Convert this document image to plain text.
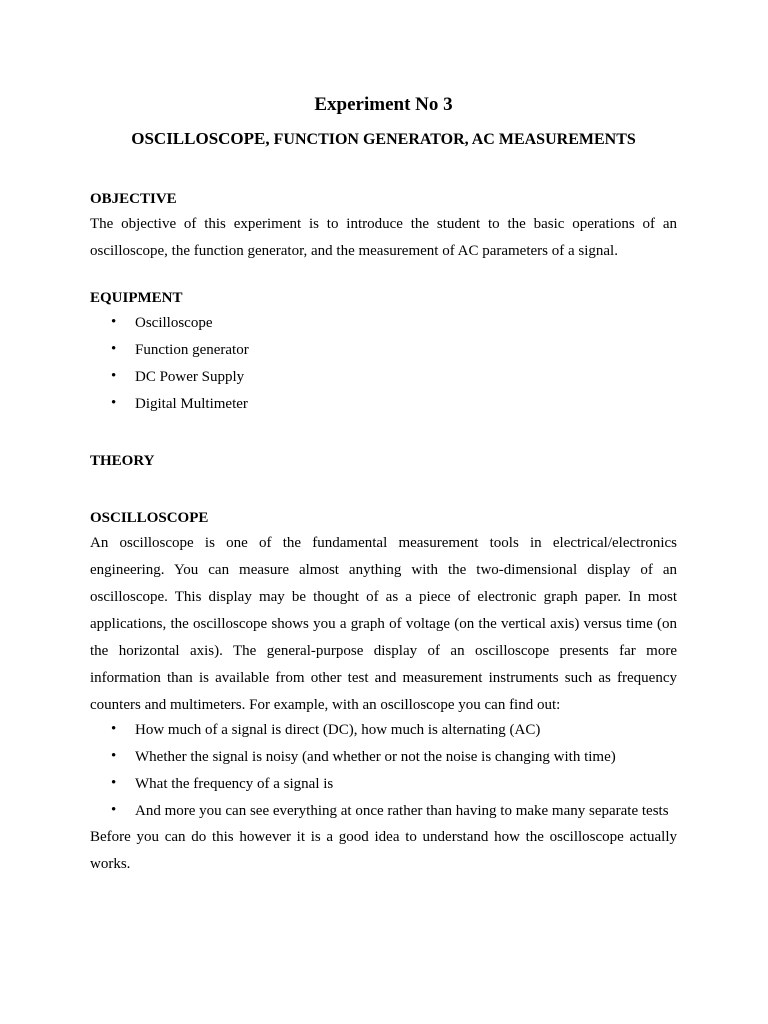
Experiment No 3
OSCILLOSCOPE, FUNCTION GENERATOR, AC MEASUREMENTS
OBJECTIVE

The objective of this experiment is to introduce the student to the basic operations of an oscilloscope, the function generator, and the measurement of AC parameters of a signal.

EQUIPMENT
• Oscilloscope
• Function generator
• DC Power Supply
• Digital Multimeter
THEORY
OSCILLOSCOPE

An oscilloscope is one of the fundamental measurement tools in electrical/electronics engineering. You can measure almost anything with the two-dimensional display of an oscilloscope. This display may be thought of as a piece of electronic graph paper. In most applications, the oscilloscope shows you a graph of voltage (on the vertical axis) versus time (on the horizontal axis). The general-purpose display of an oscilloscope presents far more information than is available from other test and measurement instruments such as frequency counters and multimeters. For example, with an oscilloscope you can find out:

• How much of a signal is direct (DC), how much is alternating (AC)
• Whether the signal is noisy (and whether or not the noise is changing with time)
• What the frequency of a signal is
• And more you can see everything at once rather than having to make many separate tests

Before you can do this however it is a good idea to understand how the oscilloscope actually works.
